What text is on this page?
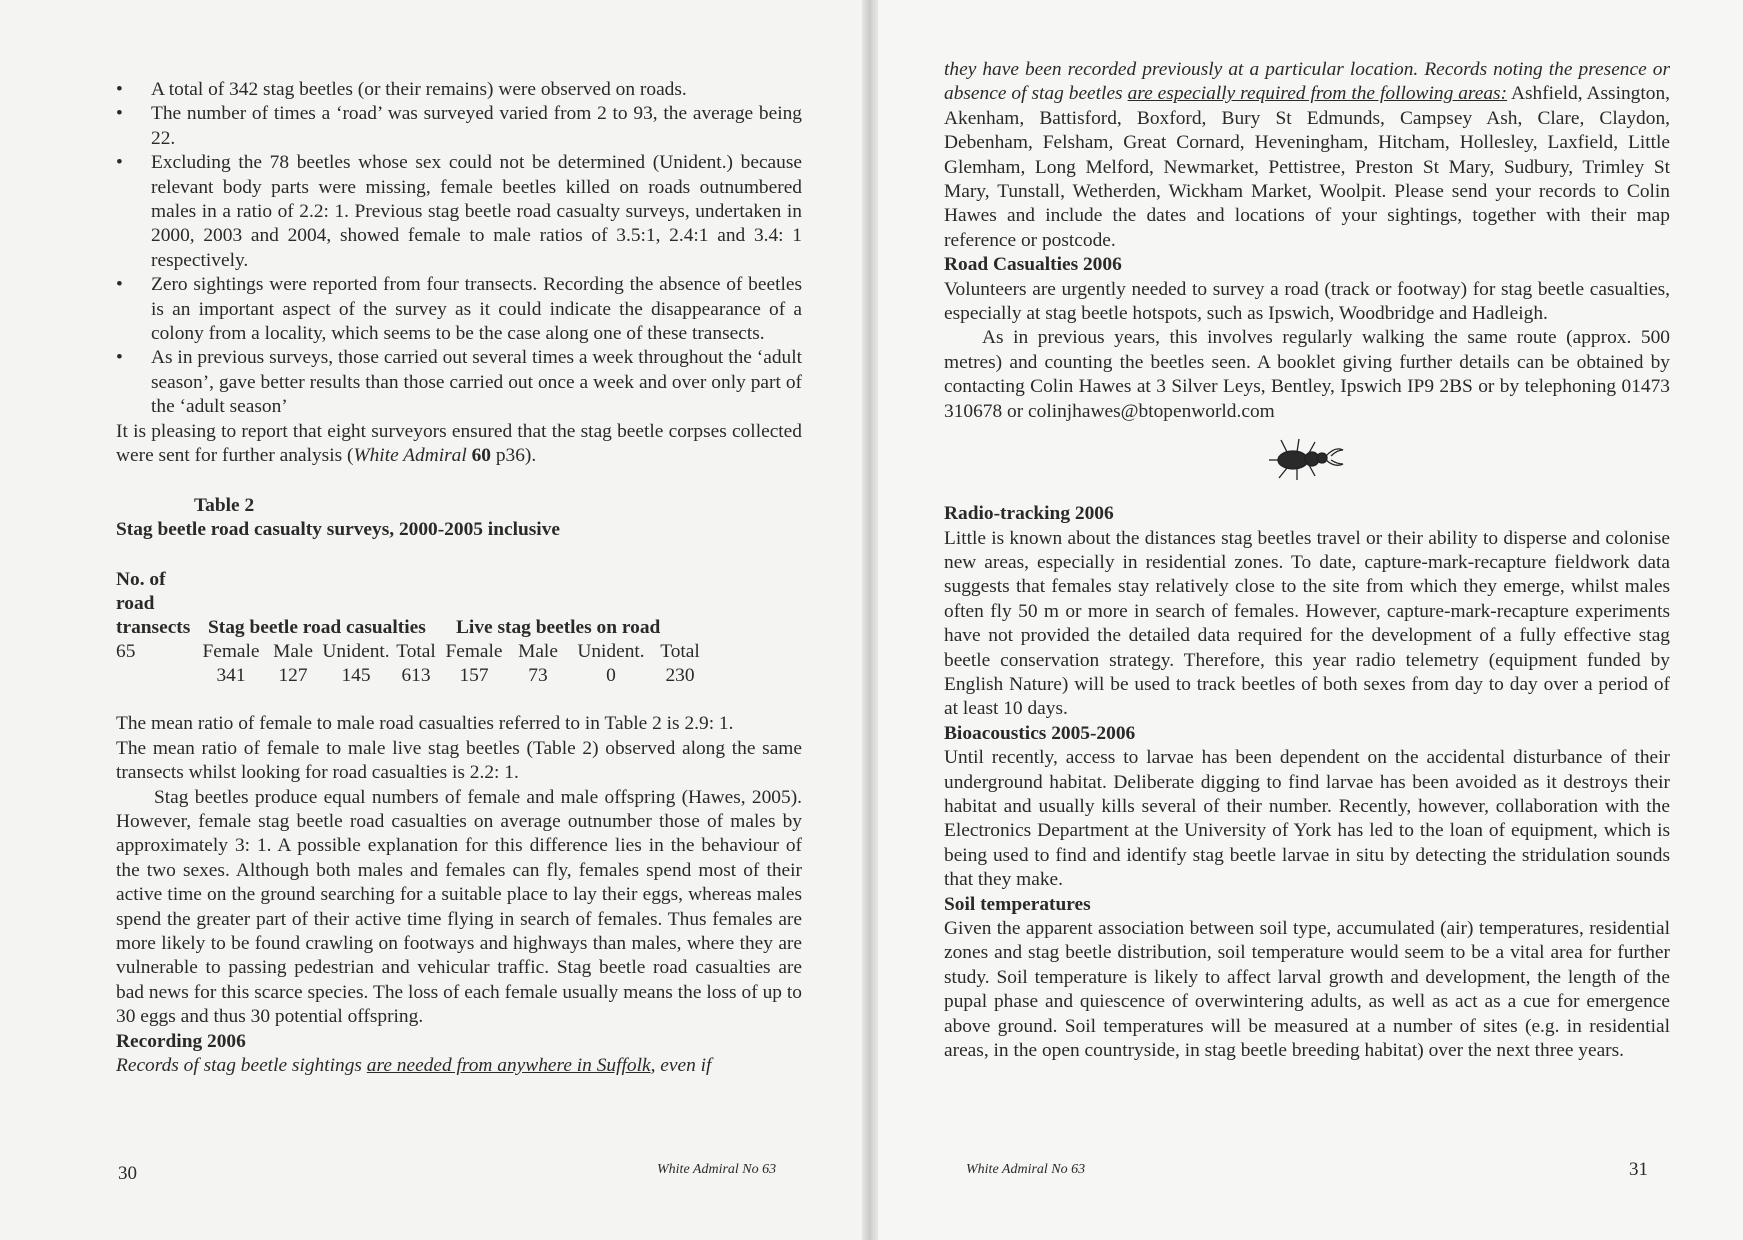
•	A total of 342 stag beetles (or their remains) were observed on roads.
•	The number of times a ‘road’ was surveyed varied from 2 to 93, the average being 22.
•	Excluding the 78 beetles whose sex could not be determined (Unident.) because relevant body parts were missing, female beetles killed on roads outnumbered males in a ratio of 2.2: 1. Previous stag beetle road casualty surveys, undertaken in 2000, 2003 and 2004, showed female to male ratios of 3.5:1, 2.4:1 and 3.4: 1 respectively.
•	Zero sightings were reported from four transects. Recording the absence of beetles is an important aspect of the survey as it could indicate the disappearance of a colony from a locality, which seems to be the case along one of these transects.
•	As in previous surveys, those carried out several times a week throughout the ‘adult season’, gave better results than those carried out once a week and over only part of the ‘adult season’

It is pleasing to report that eight surveyors ensured that the stag beetle corpses collected were sent for further analysis (White Admiral 60 p36).

Table 2
Stag beetle road casualty surveys, 2000-2005 inclusive
No. of
road
transects	Stag beetle road casualties				Live stag beetles on road			
65	Female	Male	Unident.	Total	Female	Male	Unident.	Total
	341	127	145	613	157	73	0	230

The mean ratio of female to male road casualties referred to in Table 2 is 2.9: 1.

The mean ratio of female to male live stag beetles (Table 2) observed along the same transects whilst looking for road casualties is 2.2: 1.

Stag beetles produce equal numbers of female and male offspring (Hawes, 2005). However, female stag beetle road casualties on average outnumber those of males by approximately 3: 1. A possible explanation for this difference lies in the behaviour of the two sexes. Although both males and females can fly, females spend most of their active time on the ground searching for a suitable place to lay their eggs, whereas males spend the greater part of their active time flying in search of females. Thus females are more likely to be found crawling on footways and highways than males, where they are vulnerable to passing pedestrian and vehicular traffic. Stag beetle road casualties are bad news for this scarce species. The loss of each female usually means the loss of up to 30 eggs and thus 30 potential offspring.

Recording 2006

Records of stag beetle sightings are needed from anywhere in Suffolk, even if

30	White Admiral No 63

they have been recorded previously at a particular location. Records noting the presence or absence of stag beetles are especially required from the following areas: Ashfield, Assington, Akenham, Battisford, Boxford, Bury St Edmunds, Campsey Ash, Clare, Claydon, Debenham, Felsham, Great Cornard, Heveningham, Hitcham, Hollesley, Laxfield, Little Glemham, Long Melford, Newmarket, Pettistree, Preston St Mary, Sudbury, Trimley St Mary, Tunstall, Wetherden, Wickham Market, Woolpit. Please send your records to Colin Hawes and include the dates and locations of your sightings, together with their map reference or postcode.

Road Casualties 2006

Volunteers are urgently needed to survey a road (track or footway) for stag beetle casualties, especially at stag beetle hotspots, such as Ipswich, Woodbridge and Hadleigh.

As in previous years, this involves regularly walking the same route (approx. 500 metres) and counting the beetles seen. A booklet giving further details can be obtained by contacting Colin Hawes at 3 Silver Leys, Bentley, Ipswich IP9 2BS or by telephoning 01473 310678 or colinjhawes@btopenworld.com

Radio-tracking 2006

Little is known about the distances stag beetles travel or their ability to disperse and colonise new areas, especially in residential zones. To date, capture-mark-recapture fieldwork data suggests that females stay relatively close to the site from which they emerge, whilst males often fly 50 m or more in search of females. However, capture-mark-recapture experiments have not provided the detailed data required for the development of a fully effective stag beetle conservation strategy. Therefore, this year radio telemetry (equipment funded by English Nature) will be used to track beetles of both sexes from day to day over a period of at least 10 days.

Bioacoustics 2005-2006

Until recently, access to larvae has been dependent on the accidental disturbance of their underground habitat. Deliberate digging to find larvae has been avoided as it destroys their habitat and usually kills several of their number. Recently, however, collaboration with the Electronics Department at the University of York has led to the loan of equipment, which is being used to find and identify stag beetle larvae in situ by detecting the stridulation sounds that they make.

Soil temperatures

Given the apparent association between soil type, accumulated (air) temperatures, residential zones and stag beetle distribution, soil temperature would seem to be a vital area for further study. Soil temperature is likely to affect larval growth and development, the length of the pupal phase and quiescence of overwintering adults, as well as act as a cue for emergence above ground. Soil temperatures will be measured at a number of sites (e.g. in residential areas, in the open countryside, in stag beetle breeding habitat) over the next three years.

White Admiral No 63	31
